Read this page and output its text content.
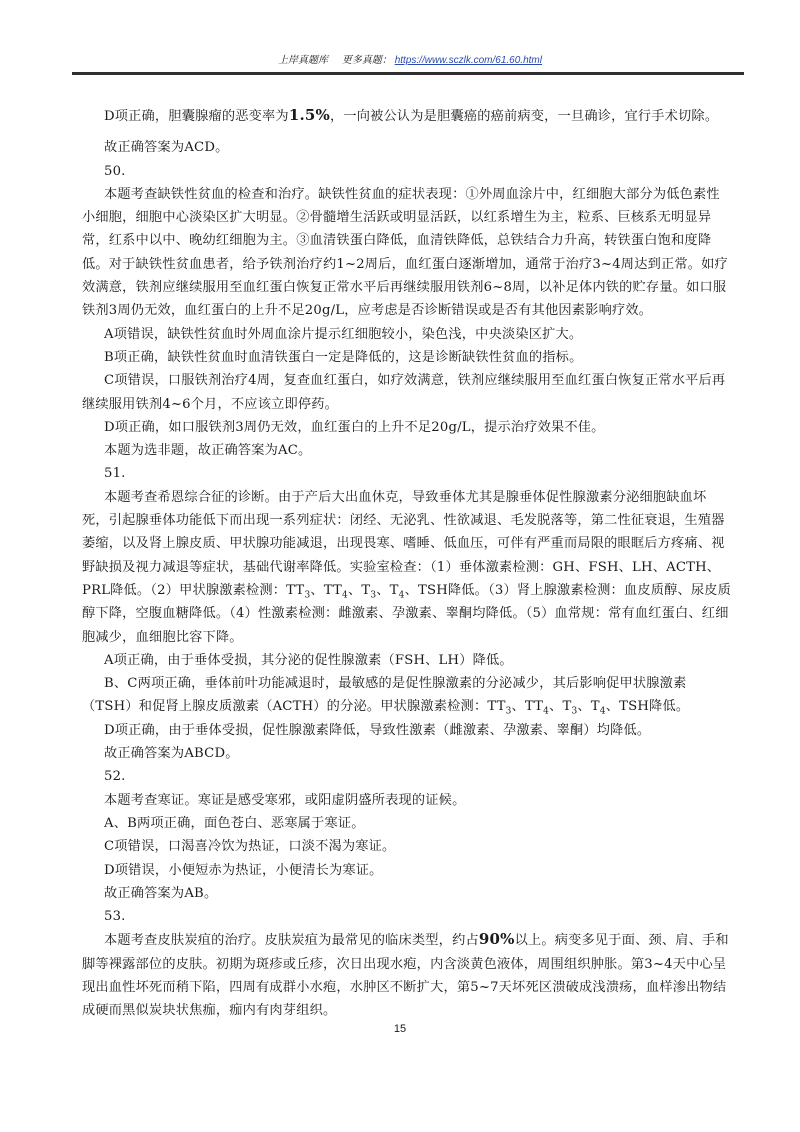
上岸真题库 更多真题： https://www.sczlk.com/61.60.html

D项正确，胆囊腺瘤的恶变率为1.5%，一向被公认为是胆囊癌的癌前病变，一旦确诊，宜行手术切除。

故正确答案为ACD。

50.

本题考查缺铁性贫血的检查和治疗。缺铁性贫血的症状表现：①外周血涂片中，红细胞大部分为低色素性小细胞，细胞中心淡染区扩大明显。②骨髓增生活跃或明显活跃，以红系增生为主，粒系、巨核系无明显异常，红系中以中、晚幼红细胞为主。③血清铁蛋白降低，血清铁降低，总铁结合力升高，转铁蛋白饱和度降低。对于缺铁性贫血患者，给予铁剂治疗约1~2周后，血红蛋白逐渐增加，通常于治疗3~4周达到正常。如疗效满意，铁剂应继续服用至血红蛋白恢复正常水平后再继续服用铁剂6~8周，以补足体内铁的贮存量。如口服铁剂3周仍无效，血红蛋白的上升不足20g/L，应考虑是否诊断错误或是否有其他因素影响疗效。

A项错误，缺铁性贫血时外周血涂片提示红细胞较小，染色浅，中央淡染区扩大。

B项正确，缺铁性贫血时血清铁蛋白一定是降低的，这是诊断缺铁性贫血的指标。

C项错误，口服铁剂治疗4周，复查血红蛋白，如疗效满意，铁剂应继续服用至血红蛋白恢复正常水平后再继续服用铁剂4~6个月，不应该立即停药。

D项正确，如口服铁剂3周仍无效，血红蛋白的上升不足20g/L，提示治疗效果不佳。

本题为选非题，故正确答案为AC。

51.

本题考查希恩综合征的诊断。由于产后大出血休克，导致垂体尤其是腺垂体促性腺激素分泌细胞缺血坏死，引起腺垂体功能低下而出现一系列症状：闭经、无泌乳、性欲减退、毛发脱落等，第二性征衰退，生殖器萎缩，以及肾上腺皮质、甲状腺功能减退，出现畏寒、嗜睡、低血压，可伴有严重而局限的眼眶后方疼痛、视野缺损及视力减退等症状，基础代谢率降低。实验室检查：（1）垂体激素检测：GH、FSH、LH、ACTH、PRL降低。（2）甲状腺激素检测：$TT_3$、$TT_4$、$T_3$、$T_4$、TSH降低。（3）肾上腺激素检测：血皮质醇、尿皮质醇下降，空腹血糖降低。（4）性激素检测：雌激素、孕激素、睾酮均降低。（5）血常规：常有血红蛋白、红细胞减少，血细胞比容下降。

A项正确，由于垂体受损，其分泌的促性腺激素（FSH、LH）降低。

B、C两项正确，垂体前叶功能减退时，最敏感的是促性腺激素的分泌减少，其后影响促甲状腺激素（TSH）和促肾上腺皮质激素（ACTH）的分泌。甲状腺激素检测：$TT_3$、$TT_4$、$T_3$、$T_4$、TSH降低。

D项正确，由于垂体受损，促性腺激素降低，导致性激素（雌激素、孕激素、睾酮）均降低。

故正确答案为ABCD。

52.

本题考查寒证。寒证是感受寒邪，或阳虚阴盛所表现的证候。

A、B两项正确，面色苍白、恶寒属于寒证。

C项错误，口渴喜冷饮为热证，口淡不渴为寒证。

D项错误，小便短赤为热证，小便清长为寒证。

故正确答案为AB。

53.

本题考查皮肤炭疽的治疗。皮肤炭疽为最常见的临床类型，约占90%以上。病变多见于面、颈、肩、手和脚等裸露部位的皮肤。初期为斑疹或丘疹，次日出现水疱，内含淡黄色液体，周围组织肿胀。第3~4天中心呈现出血性坏死而稍下陷，四周有成群小水疱，水肿区不断扩大，第5~7天坏死区溃破成浅溃疡，血样渗出物结成硬而黑似炭块状焦痂，痂内有肉芽组织。

15
